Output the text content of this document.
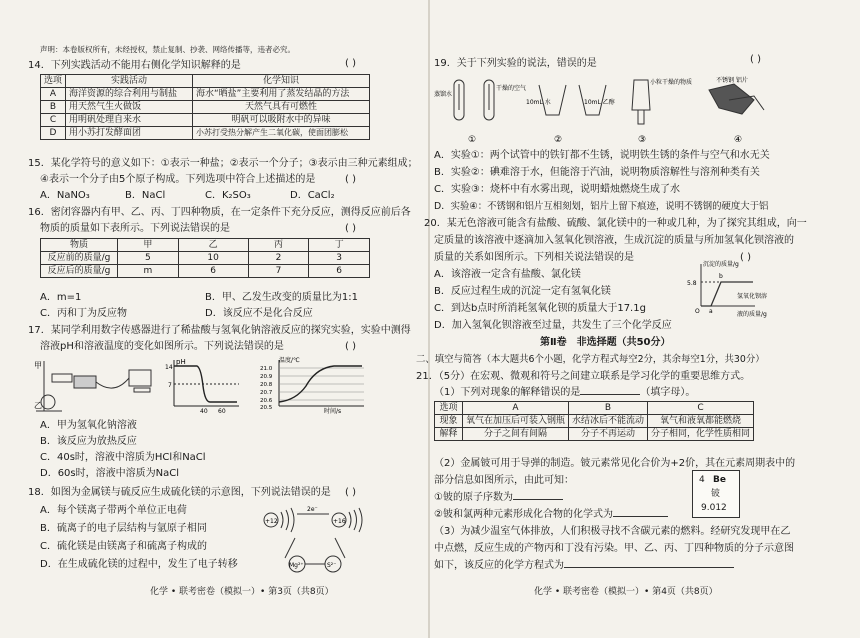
声明：本卷版权所有，未经授权，禁止复制、抄袭、网络传播等，违者必究。
14．下列实践活动不能用右侧化学知识解释的是	( )
选项	实践活动	化学知识
A	海洋资源的综合利用与制盐	海水“晒盐”主要利用了蒸发结晶的方法
B	用天然气生火做饭	天然气具有可燃性
C	用明矾处理自来水	明矾可以吸附水中的异味
D	用小苏打发酵面团	小苏打受热分解产生二氧化碳，使面团膨松
15．某化学符号的意义如下：①表示一种盐；②表示一个分子；③表示由三种元素组成；
④表示一个分子由5个原子构成。下列选项中符合上述描述的是	( )
A．NaNO₃	B．NaCl	C．K₂SO₃	D．CaCl₂
16．密闭容器内有甲、乙、丙、丁四种物质，在一定条件下充分反应，测得反应前后各
物质的质量如下表所示。下列说法错误的是	( )
物质	甲	乙	丙	丁
反应前的质量/g	5	10	2	3
反应后的质量/g	m	6	7	6
A．m=1	B．甲、乙发生改变的质量比为1:1
C．丙和丁为反应物	D．该反应不是化合反应
17．某同学利用数字传感器进行了稀盐酸与氢氧化钠溶液反应的探究实验，实验中测得
溶液pH和溶液温度的变化如图所示。下列说法错误的是	( )
甲
乙
pH
14
7
40 60
温度/℃
21.0
20.9
20.8
20.7
20.6
20.5	时间/s
A．甲为氢氧化钠溶液
B．该反应为放热反应
C．40s时，溶液中溶质为HCl和NaCl
D．60s时，溶液中溶质为NaCl
18．如图为金属镁与硫反应生成硫化镁的示意图，下列说法错误的是 ( )
A．每个镁离子带两个单位正电荷
B．硫离子的电子层结构与氩原子相同
C．硫化镁是由镁离子和硫离子构成的
D．在生成硫化镁的过程中，发生了电子转移
+12	+16
2e⁻
Mg²⁺	S²⁻
化学 • 联考密卷（模拟一）• 第3页（共8页）
19．关于下列实验的说法，错误的是	( )
蒸馏水
干燥的空气
①
10mL 水	10mL 乙醇
②
小粒干燥的物质
③
不锈钢 铝片
④
A．实验①：两个试管中的铁钉都不生锈，说明铁生锈的条件与空气和水无关
B．实验②：碘难溶于水，但能溶于汽油，说明物质溶解性与溶剂种类有关
C．实验③：烧杯中有水雾出现，说明蜡烛燃烧生成了水
D．实验④：不锈钢和铝片互相刻划，铝片上留下痕迹，说明不锈钢的硬度大于铝
20．某无色溶液可能含有盐酸、硫酸、氯化镁中的一种或几种，为了探究其组成，向一
定质量的该溶液中逐滴加入氢氧化钡溶液，生成沉淀的质量与所加氢氧化钡溶液的
质量的关系如图所示。下列相关说法错误的是	( )
A．该溶液一定含有盐酸、氯化镁
B．反应过程生成的沉淀一定有氢氧化镁
C．到达b点时所消耗氢氧化钡的质量大于17.1g
D．加入氢氧化钡溶液至过量，共发生了三个化学反应
沉淀的质量/g
5.8
a
b
O
氢氧化钡溶
液的质量/g
第Ⅱ卷　非选择题（共50分）
二、填空与简答（本大题共6个小题，化学方程式每空2分，其余每空1分，共30分）
21．（5分）在宏观、微观和符号之间建立联系是学习化学的重要思维方式。
（1）下列对现象的解释错误的是	（填字母）。
选项	A	B	C
现象	氧气在加压后可装入钢瓶	水结冰后不能流动	氧气和液氧都能燃烧
解释	分子之间有间隔	分子不再运动	分子相同，化学性质相同
（2）金属铍可用于导弹的制造。铍元素常见化合价为+2价，其在元素周期表中的
部分信息如图所示，由此可知：
①铍的原子序数为
②铍和氯两种元素形成化合物的化学式为
4 Be
铍
9.012
（3）为减少温室气体排放，人们积极寻找不含碳元素的燃料。经研究发现甲在乙
中点燃，反应生成的产物丙和丁没有污染。甲、乙、丙、丁四种物质的分子示意图
如下，该反应的化学方程式为
化学 • 联考密卷（模拟一）• 第4页（共8页）
